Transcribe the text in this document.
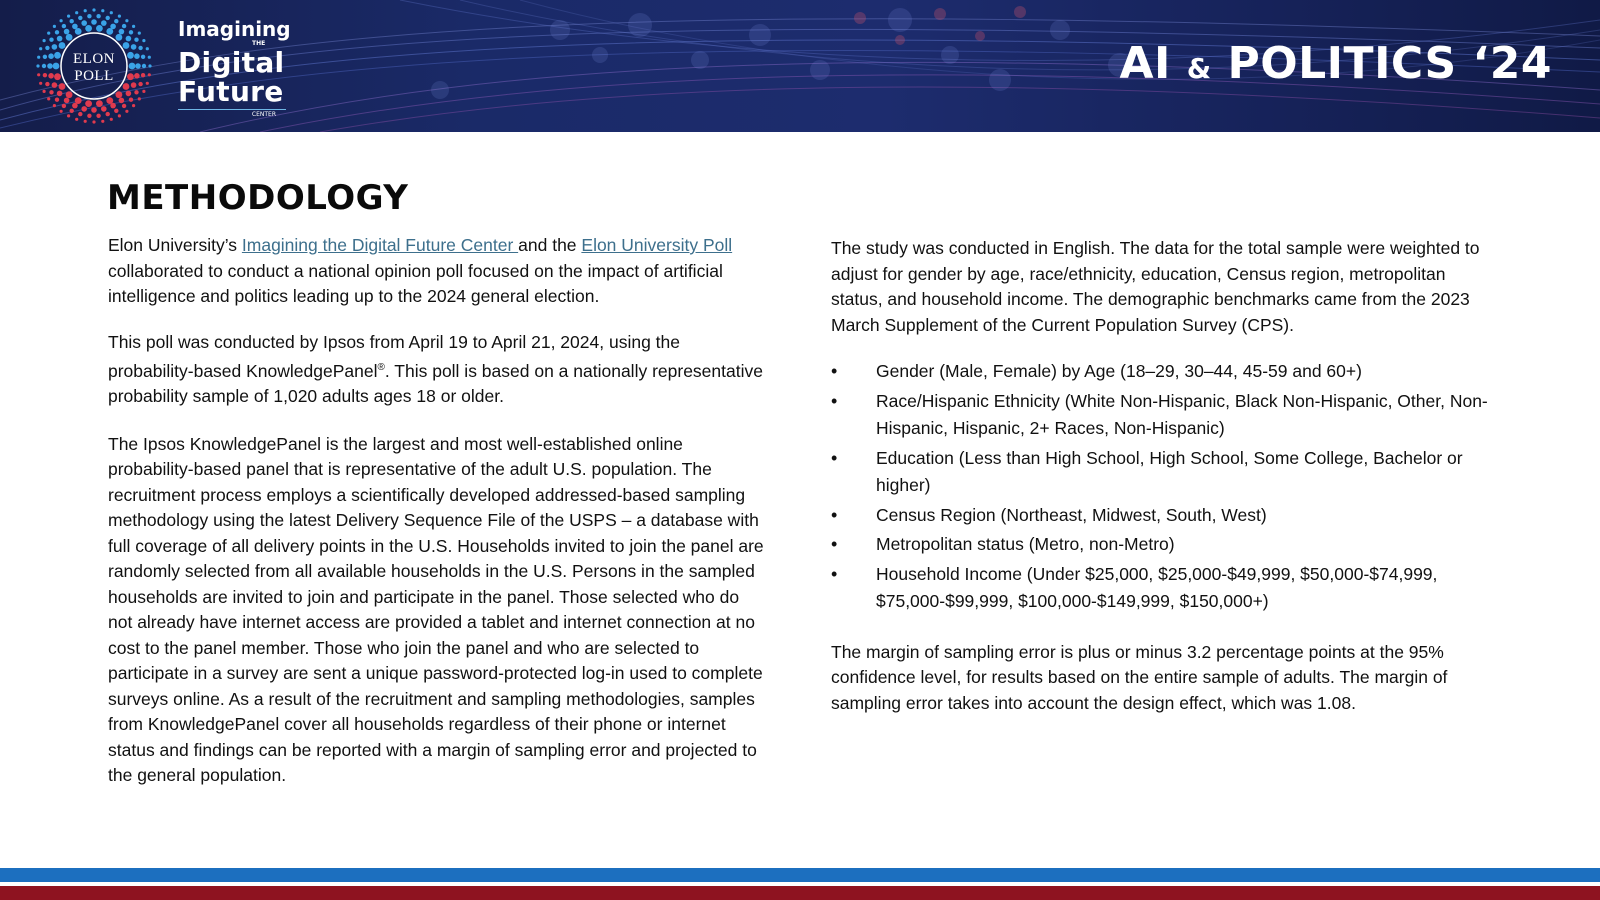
ELON
POLL
Imagining
THE
Digital
Future
CENTER
AI & POLITICS ‘24
METHODOLOGY

Elon University’s Imagining the Digital Future Center and the Elon University Poll collaborated to conduct a national opinion poll focused on the impact of artificial intelligence and politics leading up to the 2024 general election.

This poll was conducted by Ipsos from April 19 to April 21, 2024, using the probability-based KnowledgePanel®. This poll is based on a nationally representative probability sample of 1,020 adults ages 18 or older.

The Ipsos KnowledgePanel is the largest and most well-established online probability-based panel that is representative of the adult U.S. population. The recruitment process employs a scientifically developed addressed-based sampling methodology using the latest Delivery Sequence File of the USPS – a database with full coverage of all delivery points in the U.S. Households invited to join the panel are randomly selected from all available households in the U.S. Persons in the sampled households are invited to join and participate in the panel. Those selected who do not already have internet access are provided a tablet and internet connection at no cost to the panel member. Those who join the panel and who are selected to participate in a survey are sent a unique password-protected log-in used to complete surveys online. As a result of the recruitment and sampling methodologies, samples from KnowledgePanel cover all households regardless of their phone or internet status and findings can be reported with a margin of sampling error and projected to the general population.

The study was conducted in English. The data for the total sample were weighted to adjust for gender by age, race/ethnicity, education, Census region, metropolitan status, and household income. The demographic benchmarks came from the 2023 March Supplement of the Current Population Survey (CPS).

• Gender (Male, Female) by Age (18–29, 30–44, 45-59 and 60+)
• Race/Hispanic Ethnicity (White Non-Hispanic, Black Non-Hispanic, Other, Non-Hispanic, Hispanic, 2+ Races, Non-Hispanic)
• Education (Less than High School, High School, Some College, Bachelor or higher)
• Census Region (Northeast, Midwest, South, West)
• Metropolitan status (Metro, non-Metro)
• Household Income (Under $25,000, $25,000-$49,999, $50,000-$74,999, $75,000-$99,999, $100,000-$149,999, $150,000+)

The margin of sampling error is plus or minus 3.2 percentage points at the 95% confidence level, for results based on the entire sample of adults. The margin of sampling error takes into account the design effect, which was 1.08.
